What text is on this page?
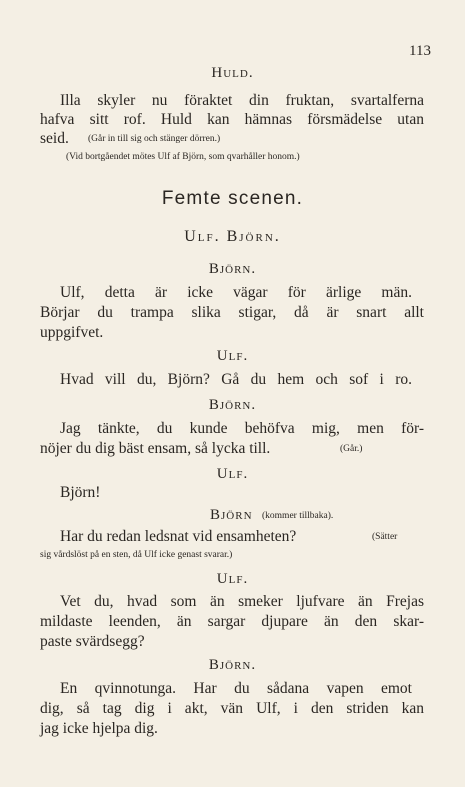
113
Huld.
Illa skyler nu föraktet din fruktan, svartalferna
hafva sitt rof. Huld kan hämnas försmädelse utan
seid. (Går in till sig och stänger dörren.)
(Vid bortgåendet mötes Ulf af Björn, som qvarhåller honom.)
Femte scenen.
Ulf. Björn.
Björn.
Ulf, detta är icke vägar för ärlige män.
Börjar du trampa slika stigar, då är snart allt
uppgifvet.
Ulf.
Hvad vill du, Björn? Gå du hem och sof i ro.
Björn.
Jag tänkte, du kunde behöfva mig, men för-
nöjer du dig bäst ensam, så lycka till.	(Går.)
Ulf.
Björn!
Björn (kommer tillbaka).
Har du redan ledsnat vid ensamheten?	(Sätter
sig vårdslöst på en sten, då Ulf icke genast svarar.)
Ulf.
Vet du, hvad som än smeker ljufvare än Frejas
mildaste leenden, än sargar djupare än den skar-
paste svärdsegg?
Björn.
En qvinnotunga. Har du sådana vapen emot
dig, så tag dig i akt, vän Ulf, i den striden kan
jag icke hjelpa dig.
